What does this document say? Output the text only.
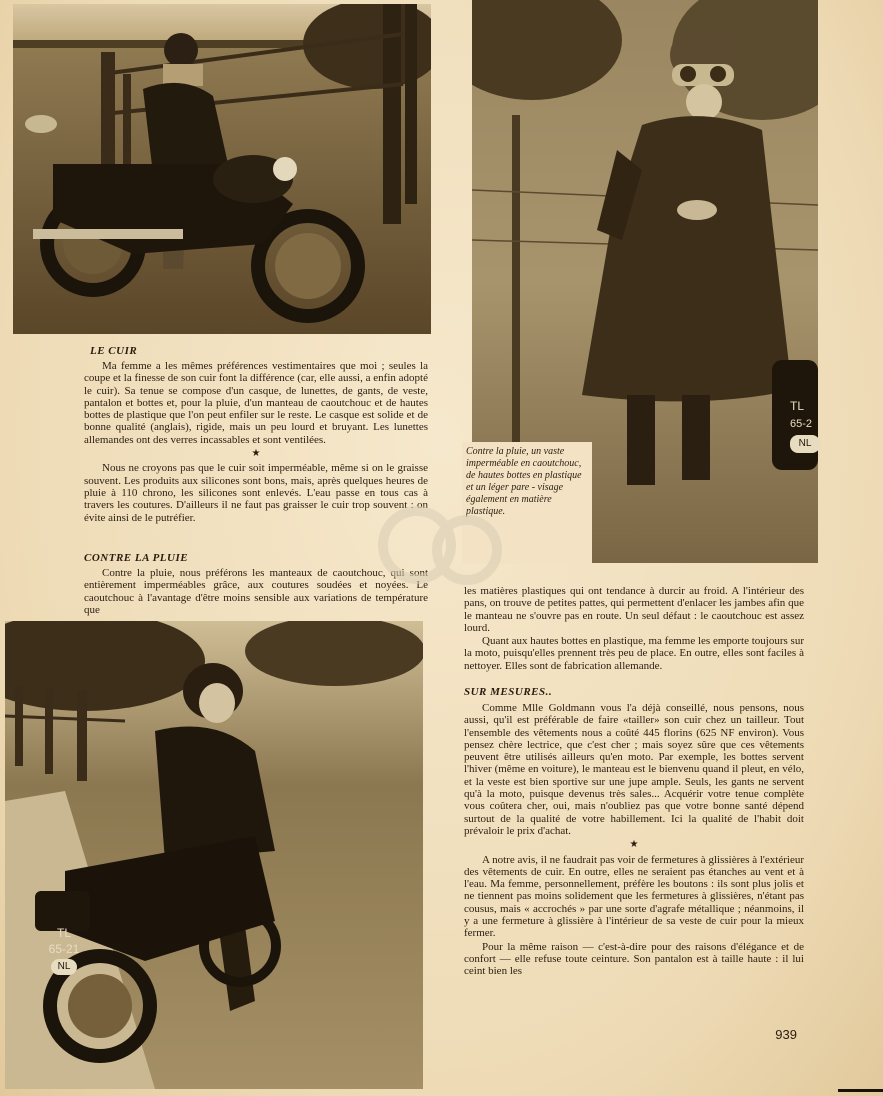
TL
65-2
NL
Contre la pluie, un vaste imperméable en caoutchouc, de hautes bottes en plastique et un léger pare - visage également en matière plastique.
TL
65-21
NL
LE CUIR

Ma femme a les mêmes préférences vestimentaires que moi ; seules la coupe et la finesse de son cuir font la différence (car, elle aussi, a enfin adopté le cuir). Sa tenue se compose d'un casque, de lunettes, de gants, de veste, pantalon et bottes et, pour la pluie, d'un manteau de caoutchouc et de hautes bottes de plastique que l'on peut enfiler sur le reste. Le casque est solide et de bonne qualité (anglais), rigide, mais un peu lourd et bruyant. Les lunettes allemandes ont des verres incassables et sont ventilées.

★

Nous ne croyons pas que le cuir soit imperméable, même si on le graisse souvent. Les produits aux silicones sont bons, mais, après quelques heures de pluie à 110 chrono, les silicones sont enlevés. L'eau passe en tous cas à travers les coutures. D'ailleurs il ne faut pas graisser le cuir trop souvent : on évite ainsi de le putréfier.

CONTRE LA PLUIE

Contre la pluie, nous préférons les manteaux de caoutchouc, qui sont entièrement imperméables grâce, aux coutures soudées et noyées. Le caoutchouc à l'avantage d'être moins sensible aux variations de température que

les matières plastiques qui ont tendance à durcir au froid. A l'intérieur des pans, on trouve de petites pattes, qui permettent d'enlacer les jambes afin que le manteau ne s'ouvre pas en route. Un seul défaut : le caoutchouc est assez lourd.

Quant aux hautes bottes en plastique, ma femme les emporte toujours sur la moto, puisqu'elles prennent très peu de place. En outre, elles sont faciles à nettoyer. Elles sont de fabrication allemande.

SUR MESURES..

Comme Mlle Goldmann vous l'a déjà conseillé, nous pensons, nous aussi, qu'il est préférable de faire «tailler» son cuir chez un tailleur. Tout l'ensemble des vêtements nous a coûté 445 florins (625 NF environ). Vous pensez chère lectrice, que c'est cher ; mais soyez sûre que ces vêtements peuvent être utilisés ailleurs qu'en moto. Par exemple, les bottes servent l'hiver (même en voiture), le manteau est le bienvenu quand il pleut, en vélo, et la veste est bien sportive sur une jupe ample. Seuls, les gants ne servent qu'à la moto, puisque devenus très sales... Acquérir votre tenue complète vous coûtera cher, oui, mais n'oubliez pas que votre bonne santé dépend surtout de la qualité de votre habillement. Ici la qualité de l'habit doit prévaloir le prix d'achat.

★

A notre avis, il ne faudrait pas voir de fermetures à glissières à l'extérieur des vêtements de cuir. En outre, elles ne seraient pas étanches au vent et à l'eau. Ma femme, personnellement, préfère les boutons : ils sont plus jolis et ne tiennent pas moins solidement que les fermetures à glissières, n'étant pas cousus, mais « accrochés » par une sorte d'agrafe métallique ; néanmoins, il y a une fermeture à glissière à l'intérieur de sa veste de cuir pour la mieux fermer.

Pour la même raison — c'est-à-dire pour des raisons d'élégance et de confort — elle refuse toute ceinture. Son pantalon est à taille haute : il lui ceint bien les

939
